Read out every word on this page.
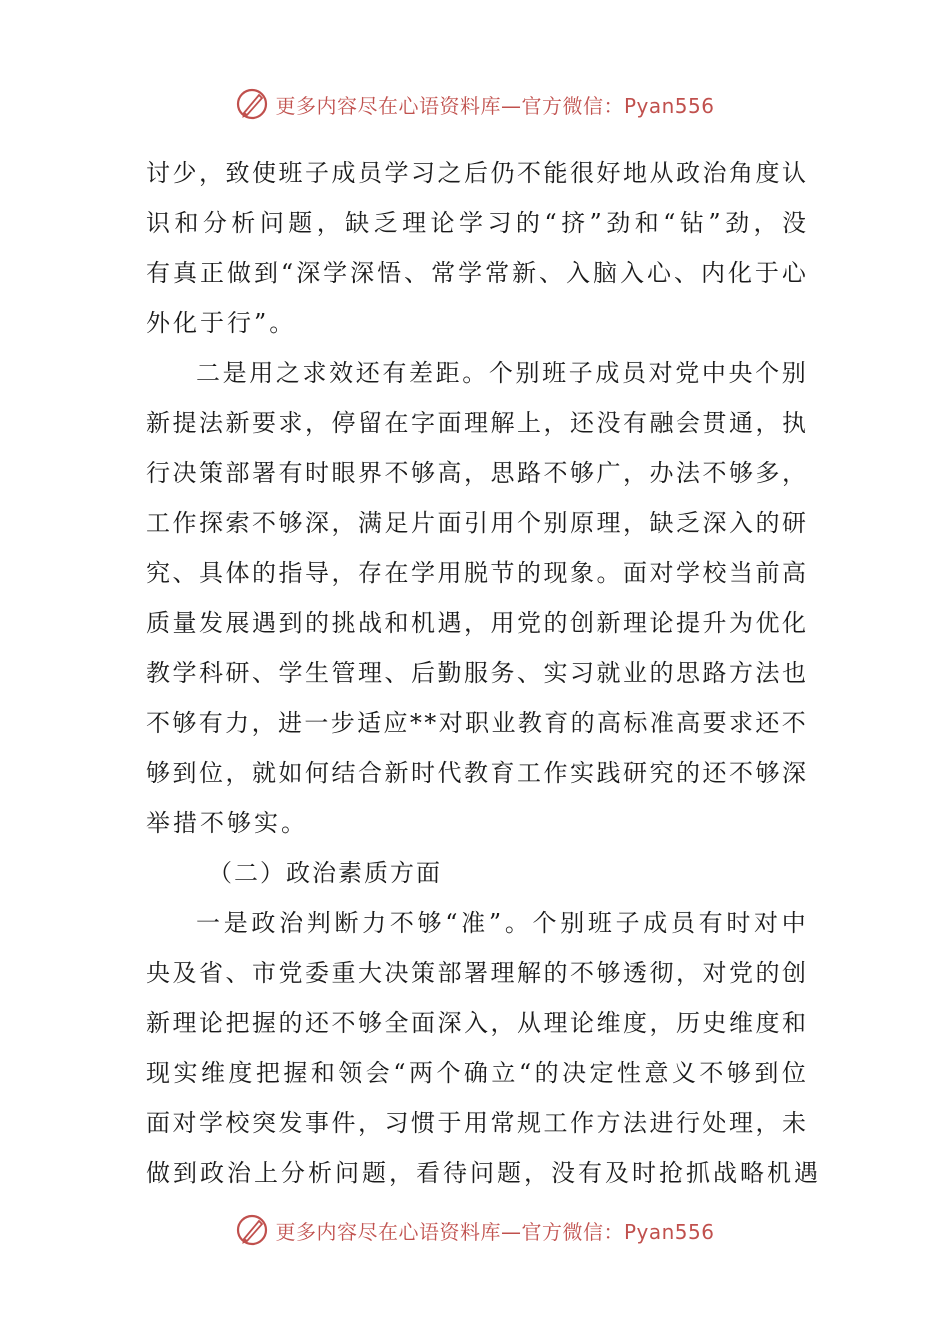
更多内容尽在心语资料库—官方微信：Pyan556
讨 少 ， 致 使 班 子 成 员 学 习 之 后 仍 不 能 很 好 地 从 政 治 角 度 认
识 和 分 析 问 题 ， 缺 乏 理 论 学 习 的 “ 挤 ” 劲 和 “ 钻 ” 劲 ， 没
有 真 正 做 到 “ 深 学 深 悟 、 常 学 常 新 、 入 脑 入 心 、 内 化 于 心
外化于行”。
二 是 用 之 求 效 还 有 差 距 。 个 别 班 子 成 员 对 党 中 央 个 别
新 提 法 新 要 求 ， 停 留 在 字 面 理 解 上 ， 还 没 有 融 会 贯 通 ， 执
行 决 策 部 署 有 时 眼 界 不 够 高 ， 思 路 不 够 广 ， 办 法 不 够 多 ，
工 作 探 索 不 够 深 ， 满 足 片 面 引 用 个 别 原 理 ， 缺 乏 深 入 的 研
究 、 具 体 的 指 导 ， 存 在 学 用 脱 节 的 现 象 。 面 对 学 校 当 前 高
质 量 发 展 遇 到 的 挑 战 和 机 遇 ， 用 党 的 创 新 理 论 提 升 为 优 化
教 学 科 研 、 学 生 管 理 、 后 勤 服 务 、 实 习 就 业 的 思 路 方 法 也
不 够 有 力 ， 进 一 步 适 应 * * 对 职 业 教 育 的 高 标 准 高 要 求 还 不
够 到 位 ， 就 如 何 结 合 新 时 代 教 育 工 作 实 践 研 究 的 还 不 够 深
举措不够实。
（二）政治素质方面
一 是 政 治 判 断 力 不 够 “ 准 ” 。 个 别 班 子 成 员 有 时 对 中
央 及 省 、 市 党 委 重 大 决 策 部 署 理 解 的 不 够 透 彻 ， 对 党 的 创
新 理 论 把 握 的 还 不 够 全 面 深 入 ， 从 理 论 维 度 ， 历 史 维 度 和
现 实 维 度 把 握 和 领 会 “ 两 个 确 立 “ 的 决 定 性 意 义 不 够 到 位
面 对 学 校 突 发 事 件 ， 习 惯 于 用 常 规 工 作 方 法 进 行 处 理 ， 未
做到政治上分析问题，看待问题，没有及时抢抓战略机遇
更多内容尽在心语资料库—官方微信：Pyan556
